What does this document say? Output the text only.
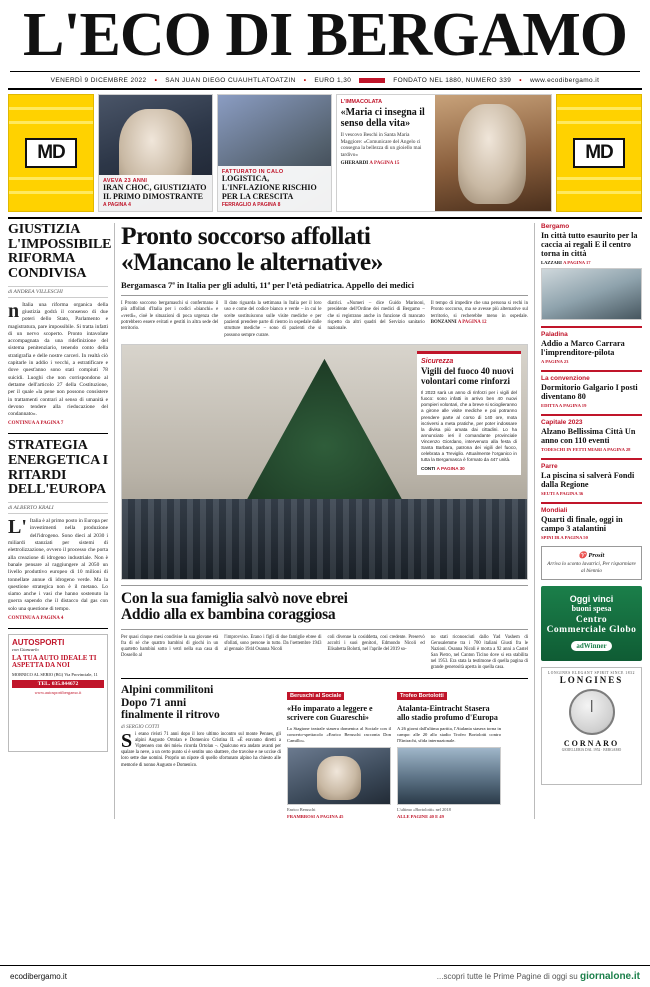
L'ECO DI BERGAMO
VENERDÌ 9 DICEMBRE 2022 • SAN JUAN DIEGO CUAUHTLATOATZIN • EURO 1,30	FONDATO NEL 1880, NUMERO 339 • www.ecodibergamo.it
MD
AVEVA 23 ANNI
IRAN CHOC, GIUSTIZIATO IL PRIMO DIMOSTRANTE
A PAGINA 4
FATTURATO IN CALO
LOGISTICA, L'INFLAZIONE RISCHIO PER LA CRESCITA
FERRAGLIO A PAGINA 8
L'IMMACOLATA
«Maria ci insegna il senso della vita»
Il vescovo Beschi in Santa Maria Maggiore: «Comunicare del Angelo ci consegna la bellezza di un gioiello mai tardivo»
GHERARDI A PAGINA 15
MD
GIUSTIZIA L'IMPOSSIBILE RIFORMA CONDIVISA
di ANDREA VILLESCHI
nItalia una riforma organica della giustizia godrà il consenso di due poteri dello Stato, Parlamento e magistratura, pare impossibile. Si tratta infatti di un nervo scoperto. Pronto intavolate accompagnata da una ridefinizione del sistema penitenziario, tenendo conto della stratigrafia e delle nostre carceri. In realtà ciò capitarle in addio i vecchi, a estratificare e dove quest'anno sono stati compiuti 78 suicidi. Luoghi che non corrispondono al dettame dell'articolo 27 della Costituzione, per il quale «la pene non possono consistere in trattamenti contrari al senso di umanità e devono tendere alla rieducazione del condannato».
CONTINUA A PAGINA 7
STRATEGIA ENERGETICA I RITARDI DELL'EUROPA
di ALBERTO KRALI
L'Italia è al primo posto in Europa per investimenti nella produzione dell'idrogeno. Sono dieci al 2030 i miliardi stanziati per sistemi di elettrolizzazione, ovvero il processo che porta alla creazione di idrogeno industriale. Non è banale pensare al raggiungere al 2050 un livello produttivo europeo di 10 milioni di tonnellate annue di idrogeno verde. Ma la questione strategica non è il metano. Lo siamo anche i vasi che hanno sostenuto la guerra sapendo che il distacco dal gas con solo una questione di tempo.
CONTINUA A PAGINA 4
AUTOSPORTI
con Giancarlo
LA TUA AUTO IDEALE TI ASPETTA DA NOI
MORNICO AL SERIO (BG) Via Provinciale, 11
TEL. 035.844672
www.autosportibergamo.it
Pronto soccorso affollati
«Mancano le alternative»
Bergamasca 7ª in Italia per gli adulti, 11ª per l'età pediatrica. Appello dei medici
I Pronto soccorso bergamaschi si confermano il più affollati d'Italia per i codici «bianchi» e «verdi», cioè le situazioni di poca urgenza che potrebbero essere evitati e gestiti in altra sede del territorio.
Il dato riguarda la settimana in Italia per il loro uso e come del codice bianco e verde – in cui le scelte sostituiscono sulle visite mediche e per pazienti prendere parte di rientro in ospedale dalle strutture mediche – sono di pazienti che si possono sempre curare.
diatrici. «Numeri – dice Guido Marinoni, presidente dell'Ordine dei medici di Bergamo – che si registrano anche in funzione di mancato rispetto da altri quadri del Servizio sanitario nazionale.
Il tempo di impedire che una persona si rechi in Pronto soccorso, ma se avesse più alternative sul territorio, si recherebbe meno in ospedale. BONZANNI A PAGINA 12
Sicurezza
Vigili del fuoco 40 nuovi volontari come rinforzi
Il 2023 sarà un anno di rinforzi per i vigili del fuoco: sono infatti in arrivo ben 40 nuovi pompieri volontari, che a breve si scioglieranno a girone alle visite mediche e poi potranno prendere parte al corso di 140 ore, mota iscriversi a meta pratiche, per poter indossare la divisa più amata dai cittadini. Lo ha annunciato ieri il comandante provinciale Vincenzo Giordano, intervenuto alla festa di Santa Barbara, patrona dei vigili del fuoco, celebrata a Treviglio. Attualmente l'organico in tutta la Bergamasca è formato da 447 unità.
CONTI A PAGINA 30
Con la sua famiglia salvò nove ebrei
Addio alla ex bambina coraggiosa
Per quasi cinque mesi condivise la sua giovane età fra di sé che quattro bambini di giochi in un quartetto bambini sotto i vetri nella sua casa di Dossello al
l'improvviso. Erano i figli di due famiglie ebree di sfollati, sono persone in tutto. Da l'settembre 1943 al gennaio 1944 Osanna Nicoli
coli divenne la cosiddetta, cosi credente. Preservò accolti i suoi genitori, Edmondo Nicoli ed Elisabetta Bolotti, nel l'aprile del 2019 so-
no stati riconosciuti dallo Yad Vashem di Gerusalemme tra i 700 italiani Giusti fra le Nazioni. Osanna Nicoli è morta a 92 anni a Castel San Pietro, nel Canton Ticino dove si era stabilita nel 1953. Era stata la testimone di quella pagina di grande generosità aperta in quella casa.
Alpini commilitoni
Dopo 71 anni
finalmente il ritrovo
di SERGIO COTTI
Si erano rivisti 71 anni dopo il loro ultimo incontro sul monte Pennes, gli alpini Augusto Ortolan e Domenico Cristina II. «È eravamo diretti a Viptensen con dei miei» ricorda Ortolan –. Qualcuno era andato avanti per spalare la neve, a un certo punto si è sentito uno sbattere, che travolse e ne uccise di loro sette due uomini. Proprio un nipote di quello sfortunato alpino ha chiesto alle memorie di nonno Augusto e Domenico.
Beruschi al Sociale
«Ho imparato a leggere e scrivere con Guareschi»
La Stagione teatrale stasera domenica al Sociale con il concerto-spettacolo «Enrico Beruschi racconta Don Camillo».
Enrico Beruschi
FRAMBROSI A PAGINA 45
Trofeo Bortolotti
Atalanta-Eintracht Stasera allo stadio profumo d'Europa
A 26 giorni dall'ultima partita, l'Atalanta stasera torna in campo: alle 20 allo stadio Trofeo Bortolotti contro l'Eintracht, sfida internazionale.
L'ultimo «Bortolotti» nel 2018
ALLE PAGINE 40 E 49
Bergamo
In città tutto esaurito per la caccia ai regali E il centro torna in città
LAZZARI A PAGINA 17
Paladina
Addio a Marco Carrara l'imprenditore-pilota
A PAGINA 23
La convenzione
Dormitorio Galgario I posti diventano 80
EDITTA A PAGINA 19
Capitale 2023
Alzano Bellissima Città Un anno con 110 eventi
TODESCHI IN FETTI MIARI A PAGINA 28
Parre
La piscina si salverà Fondi dalla Regione
SEUTI A PAGINA 36
Mondiali
Quarti di finale, oggi in campo 3 atalantini
SPINI IR A PAGINA 50
♈ Prosit
Arriva lo sconto lavatrici, Per risparmiare al biennio
Oggi vinci
buoni spesa
Centro Commerciale Globo
adWinner
LONGINES ELEGANT SPIRIT SINCE 1832
LONGINES
CORNARO
GIOIELLERIA DAL 1952 · BERGAMO
ecodibergamo.it	...scopri tutte le Prime Pagine di oggi su giornalone.it
